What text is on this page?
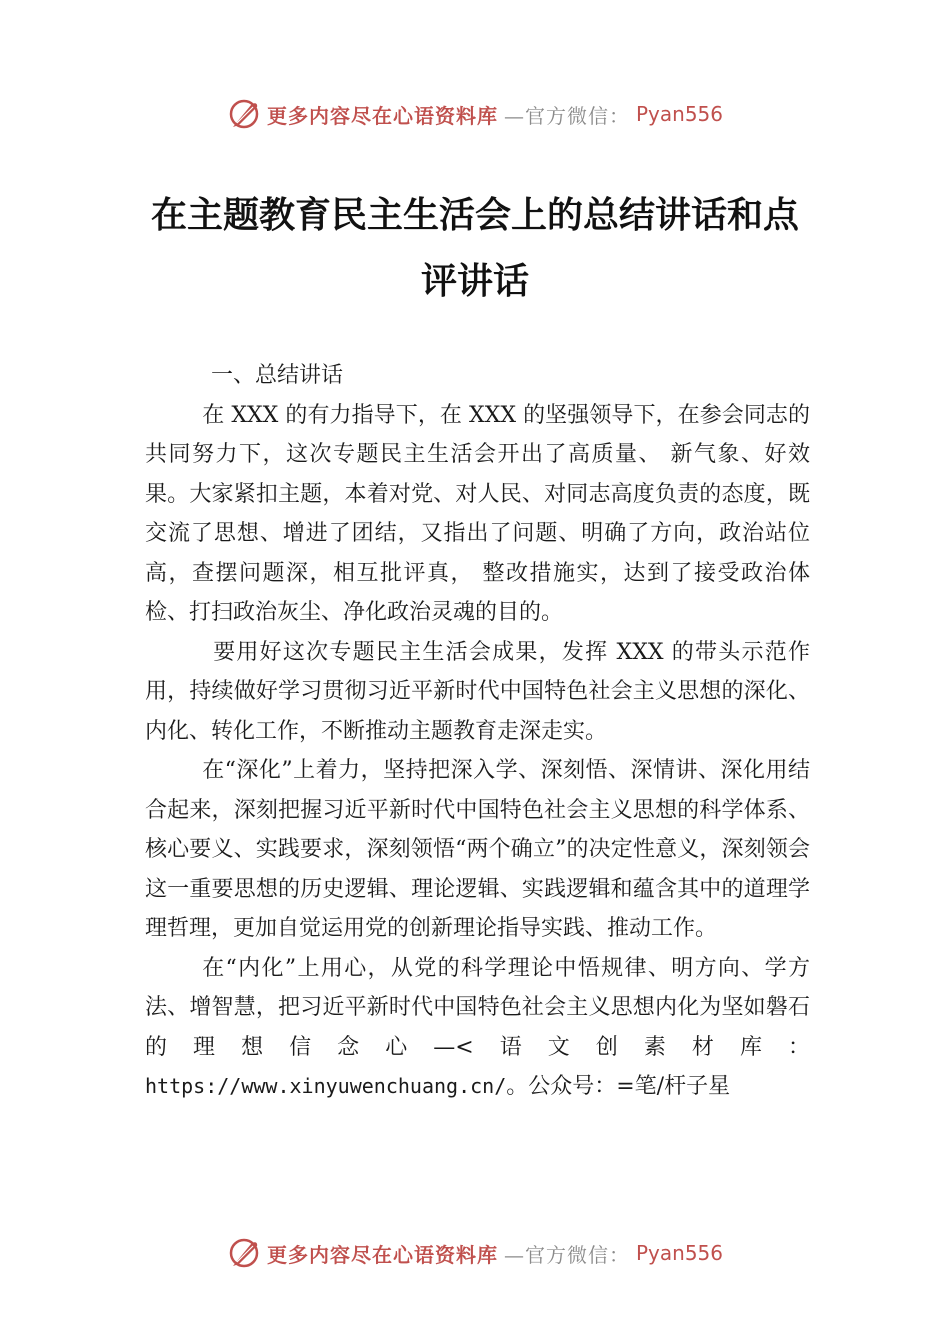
更多内容尽在心语资料库 —官方微信： Pyan556
在主题教育民主生活会上的总结讲话和点评讲话

一、总结讲话

在 XXX 的有力指导下，在 XXX 的坚强领导下，在参会同志的共同努力下，这次专题民主生活会开出了高质量、 新气象、好效果。大家紧扣主题，本着对党、对人民、对同志高度负责的态度，既交流了思想、增进了团结，又指出了问题、明确了方向，政治站位高，查摆问题深，相互批评真， 整改措施实，达到了接受政治体检、打扫政治灰尘、净化政治灵魂的目的。

要用好这次专题民主生活会成果，发挥 XXX 的带头示范作用，持续做好学习贯彻习近平新时代中国特色社会主义思想的深化、内化、转化工作，不断推动主题教育走深走实。

在“深化”上着力，坚持把深入学、深刻悟、深情讲、深化用结合起来，深刻把握习近平新时代中国特色社会主义思想的科学体系、核心要义、实践要求，深刻领悟“两个确立”的决定性意义，深刻领会这一重要思想的历史逻辑、理论逻辑、实践逻辑和蕴含其中的道理学理哲理，更加自觉运用党的创新理论指导实践、推动工作。

在“内化”上用心，从党的科学理论中悟规律、明方向、学方法、增智慧，把习近平新时代中国特色社会主义思想内化为坚如磐石的理想信念心—<语文创素材库：https://www.xinyuwenchuang.cn/。公众号：=笔/杆子星

更多内容尽在心语资料库 —官方微信： Pyan556
